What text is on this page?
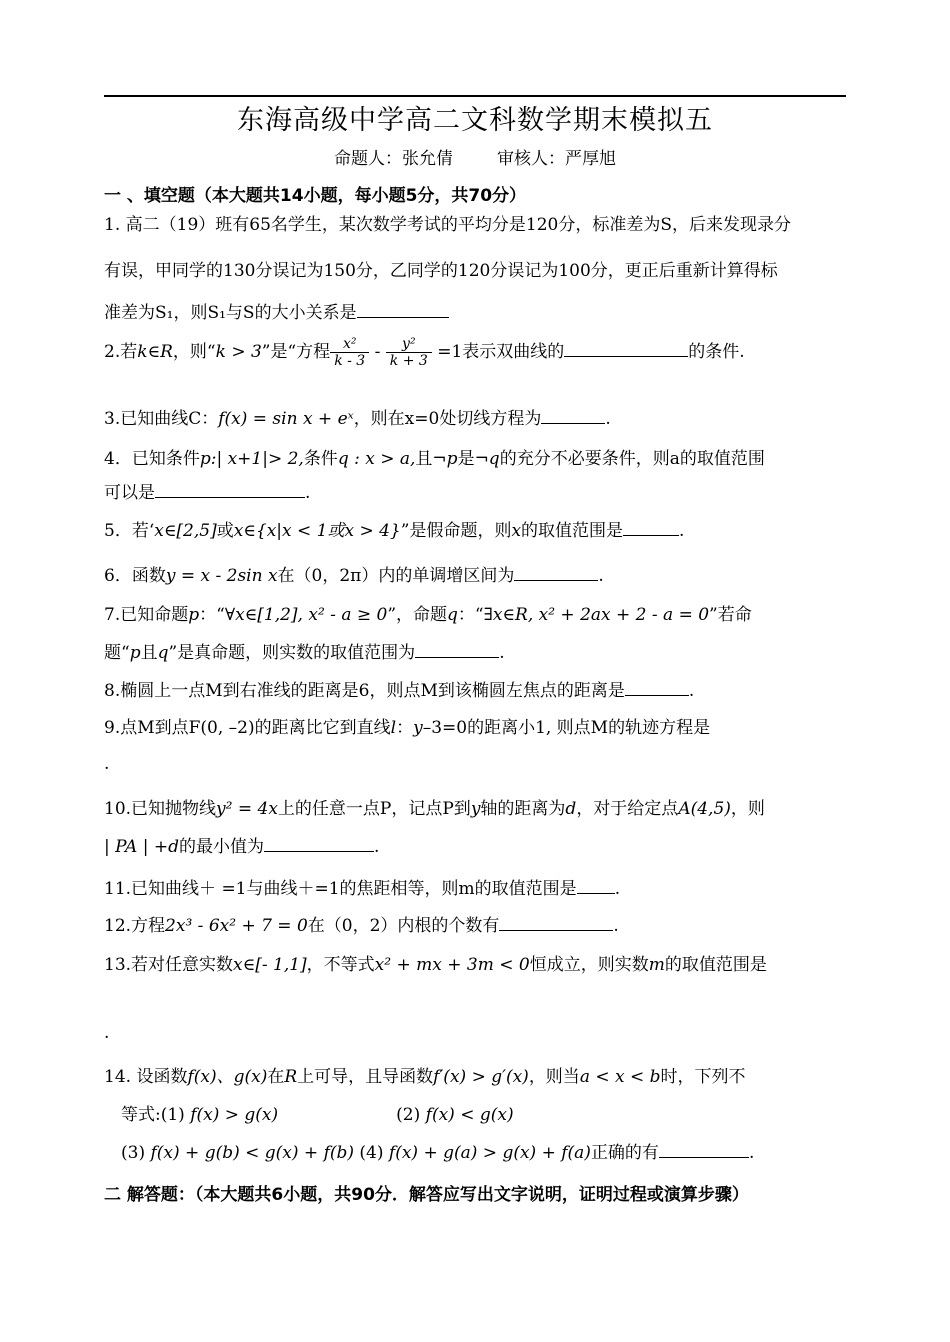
东海高级中学高二文科数学期末模拟五
命题人：张允倩	审核人：严厚旭
一 、填空题（本大题共14小题，每小题5分，共70分）
1. 高二（19）班有65名学生，某次数学考试的平均分是120分，标准差为S，后来发现录分
有误，甲同学的130分误记为150分，乙同学的120分误记为100分，更正后重新计算得标
准差为S₁，则S₁与S的大小关系是
2.若k∈R，则“k > 3”是“方程 $\frac{\text{x²}}{k - 3} - \frac{\text{y²}}{k + 3} =1$表示双曲线的	的条件.
3.已知曲线C：f(x) = sin x + eˣ，则在x=0处切线方程为	.
4．已知条件p:| x+1|> 2,条件q : x > a,且¬p是¬q的充分不必要条件，则a的取值范围
可以是	.
5．若‘x∈[2,5]或x∈{x|x < 1或x > 4}”是假命题，则x的取值范围是	.
6．函数y = x - 2sin x在（0，2π）内的单调增区间为	.
7.已知命题p：“∀x∈[1,2], x² - a ≥ 0”，命题q：“∃x∈R, x² + 2ax + 2 - a = 0”若命
题“p且q”是真命题，则实数的取值范围为	.
8.椭圆上一点M到右准线的距离是6，则点M到该椭圆左焦点的距离是	.
9.点M到点F(0, –2)的距离比它到直线l：y–3=0的距离小1, 则点M的轨迹方程是
.
10.已知抛物线y² = 4x上的任意一点P，记点P到y轴的距离为d，对于给定点A(4,5)，则
| PA | +d的最小值为	.
11.已知曲线＋ =1与曲线＋=1的焦距相等，则m的取值范围是 .
12.方程2x³ - 6x² + 7 = 0在（0，2）内根的个数有	.
13.若对任意实数x∈[- 1,1]，不等式x² + mx + 3m < 0恒成立，则实数m的取值范围是
.
14. 设函数f(x)、g(x)在R上可导，且导函数f′(x) > g′(x)，则当a < x < b时，下列不
等式:(1) f(x) > g(x)	(2) f(x) < g(x)
(3) f(x) + g(b) < g(x) + f(b) (4) f(x) + g(a) > g(x) + f(a)正确的有	.
二 解答题：（本大题共6小题，共90分．解答应写出文字说明，证明过程或演算步骤）
